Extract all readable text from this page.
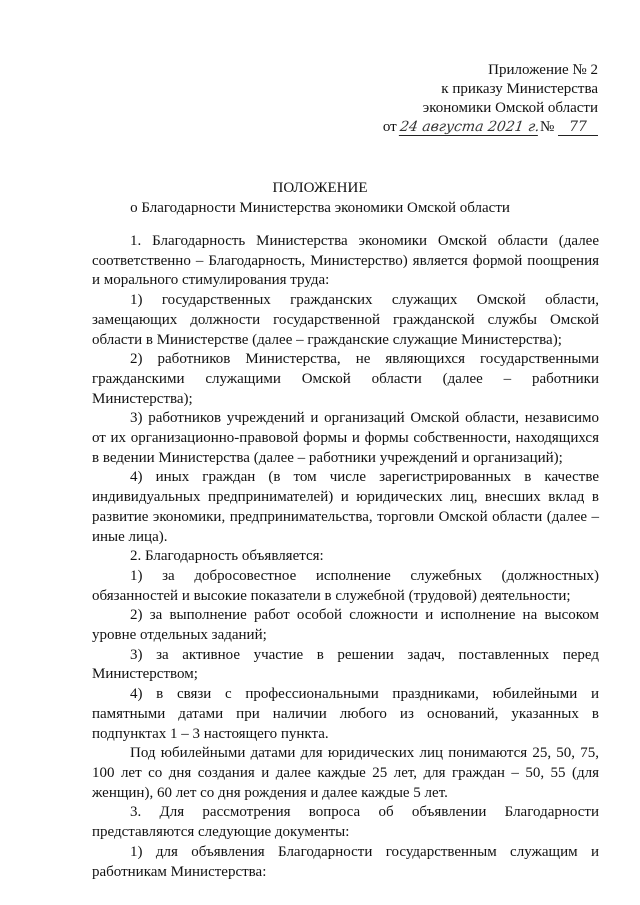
Приложение № 2
к приказу Министерства
экономики Омской области
от 24 августа 2021 г.№ 77
ПОЛОЖЕНИЕ
о Благодарности Министерства экономики Омской области

1. Благодарность Министерства экономики Омской области (далее соответственно – Благодарность, Министерство) является формой поощрения и морального стимулирования труда:

1) государственных гражданских служащих Омской области, замещающих должности государственной гражданской службы Омской области в Министерстве (далее – гражданские служащие Министерства);

2) работников Министерства, не являющихся государственными гражданскими служащими Омской области (далее – работники Министерства);

3) работников учреждений и организаций Омской области, независимо от их организационно-правовой формы и формы собственности, находящихся в ведении Министерства (далее – работники учреждений и организаций);

4) иных граждан (в том числе зарегистрированных в качестве индивидуальных предпринимателей) и юридических лиц, внесших вклад в развитие экономики, предпринимательства, торговли Омской области (далее – иные лица).

2. Благодарность объявляется:

1) за добросовестное исполнение служебных (должностных) обязанностей и высокие показатели в служебной (трудовой) деятельности;

2) за выполнение работ особой сложности и исполнение на высоком уровне отдельных заданий;

3) за активное участие в решении задач, поставленных перед Министерством;

4) в связи с профессиональными праздниками, юбилейными и памятными датами при наличии любого из оснований, указанных в подпунктах 1 – 3 настоящего пункта.

Под юбилейными датами для юридических лиц понимаются 25, 50, 75, 100 лет со дня создания и далее каждые 25 лет, для граждан – 50, 55 (для женщин), 60 лет со дня рождения и далее каждые 5 лет.

3. Для рассмотрения вопроса об объявлении Благодарности представляются следующие документы:

1) для объявления Благодарности государственным служащим и работникам Министерства:
